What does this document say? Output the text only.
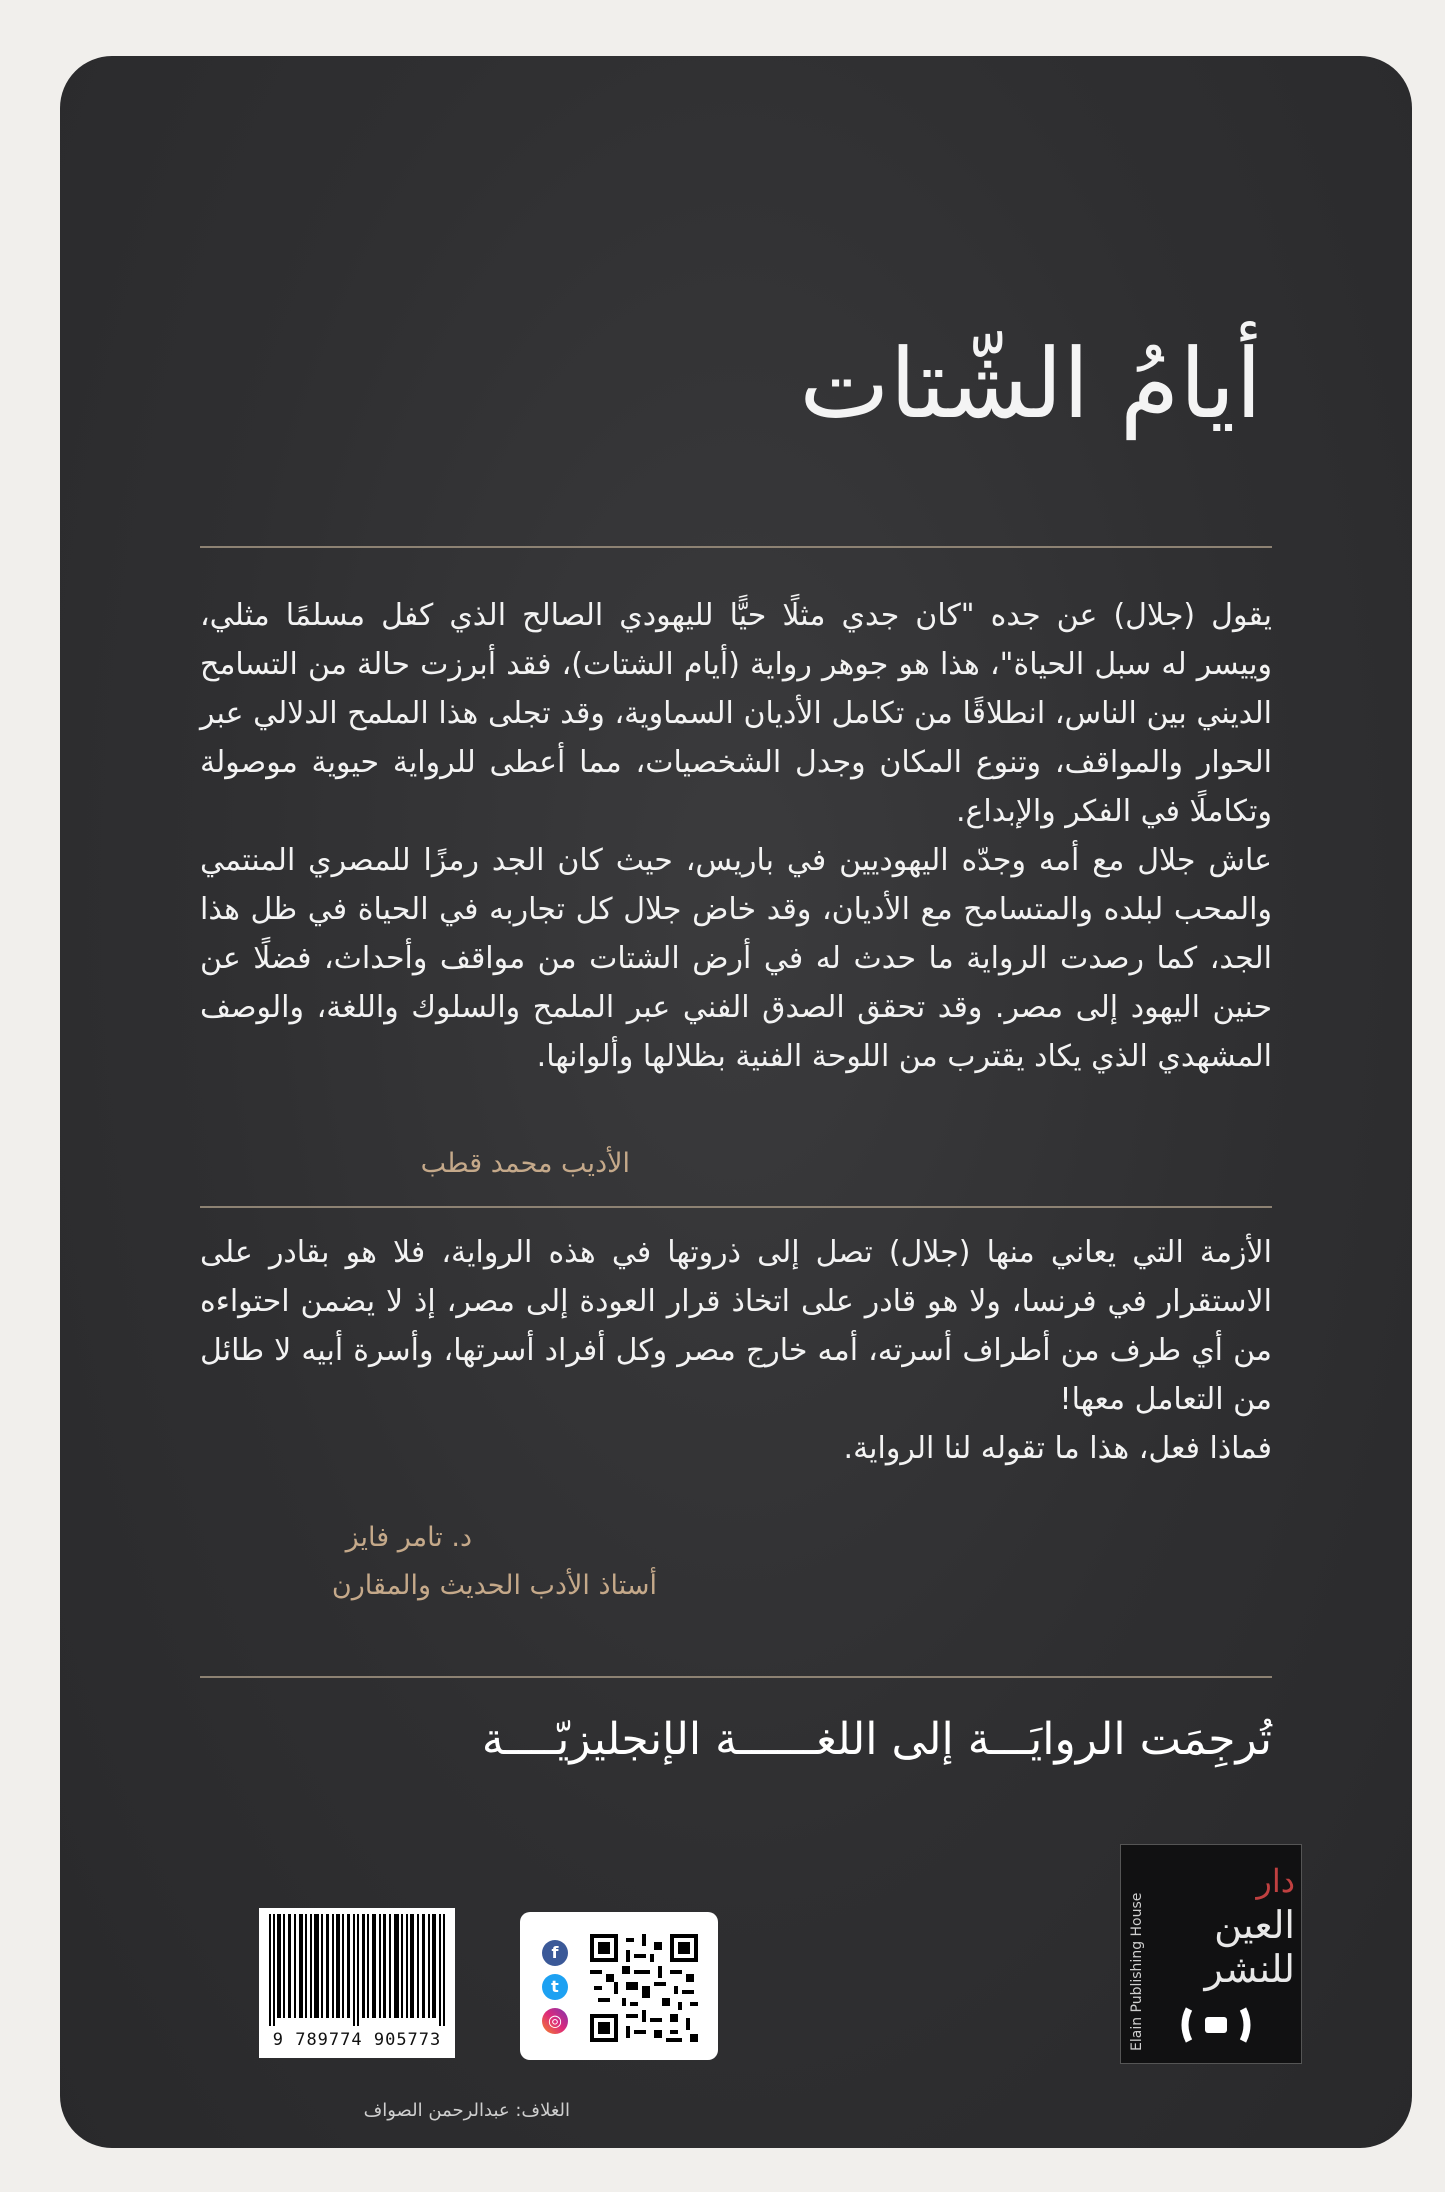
أيامُ الشّتات

يقول (جلال) عن جده "كان جدي مثلًا حيًّا لليهودي الصالح الذي كفل مسلمًا مثلي، وييسر له سبل الحياة"، هذا هو جوهر رواية (أيام الشتات)، فقد أبرزت حالة من التسامح الديني بين الناس، انطلاقًا من تكامل الأديان السماوية، وقد تجلى هذا الملمح الدلالي عبر الحوار والمواقف، وتنوع المكان وجدل الشخصيات، مما أعطى للرواية حيوية موصولة وتكاملًا في الفكر والإبداع.

عاش جلال مع أمه وجدّه اليهوديين في باريس، حيث كان الجد رمزًا للمصري المنتمي والمحب لبلده والمتسامح مع الأديان، وقد خاض جلال كل تجاربه في الحياة في ظل هذا الجد، كما رصدت الرواية ما حدث له في أرض الشتات من مواقف وأحداث، فضلًا عن حنين اليهود إلى مصر. وقد تحقق الصدق الفني عبر الملمح والسلوك واللغة، والوصف المشهدي الذي يكاد يقترب من اللوحة الفنية بظلالها وألوانها.

الأديب محمد قطب

الأزمة التي يعاني منها (جلال) تصل إلى ذروتها في هذه الرواية، فلا هو بقادر على الاستقرار في فرنسا، ولا هو قادر على اتخاذ قرار العودة إلى مصر، إذ لا يضمن احتواءه من أي طرف من أطراف أسرته، أمه خارج مصر وكل أفراد أسرتها، وأسرة أبيه لا طائل من التعامل معها!

فماذا فعل، هذا ما تقوله لنا الرواية.

د. تامر فايز
أستاذ الأدب الحديث والمقارن
تُرجِمَت الروايَـــة إلى اللغــــــة الإنجليزيّــــة
دار
العين
للنشر
Elain Publishing House
f
t
◎
9 789774 905773
الغلاف: عبدالرحمن الصواف
